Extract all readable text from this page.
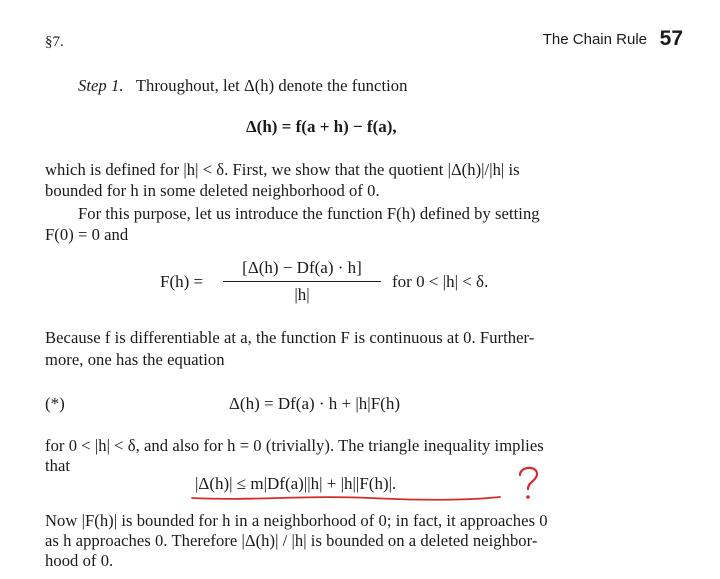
§7.	The Chain Rule 57
Step 1. Throughout, let Δ(h) denote the function
Δ(h) = f(a + h) − f(a),
which is defined for |h| < δ. First, we show that the quotient |Δ(h)|/|h| is
bounded for h in some deleted neighborhood of 0.
For this purpose, let us introduce the function F(h) defined by setting
F(0) = 0 and
$F(h) = \frac{[\Delta(h) - Df(a) \cdot h]}{|h|}$ for 0 < |h| < δ.
Because f is differentiable at a, the function F is continuous at 0. Further-
more, one has the equation
(*)	Δ(h) = Df(a) · h + |h|F(h)
for 0 < |h| < δ, and also for h = 0 (trivially). The triangle inequality implies
that
|Δ(h)| ≤ m|Df(a)||h| + |h||F(h)|.
Now |F(h)| is bounded for h in a neighborhood of 0; in fact, it approaches 0
as h approaches 0. Therefore |Δ(h)| / |h| is bounded on a deleted neighbor-
hood of 0.
